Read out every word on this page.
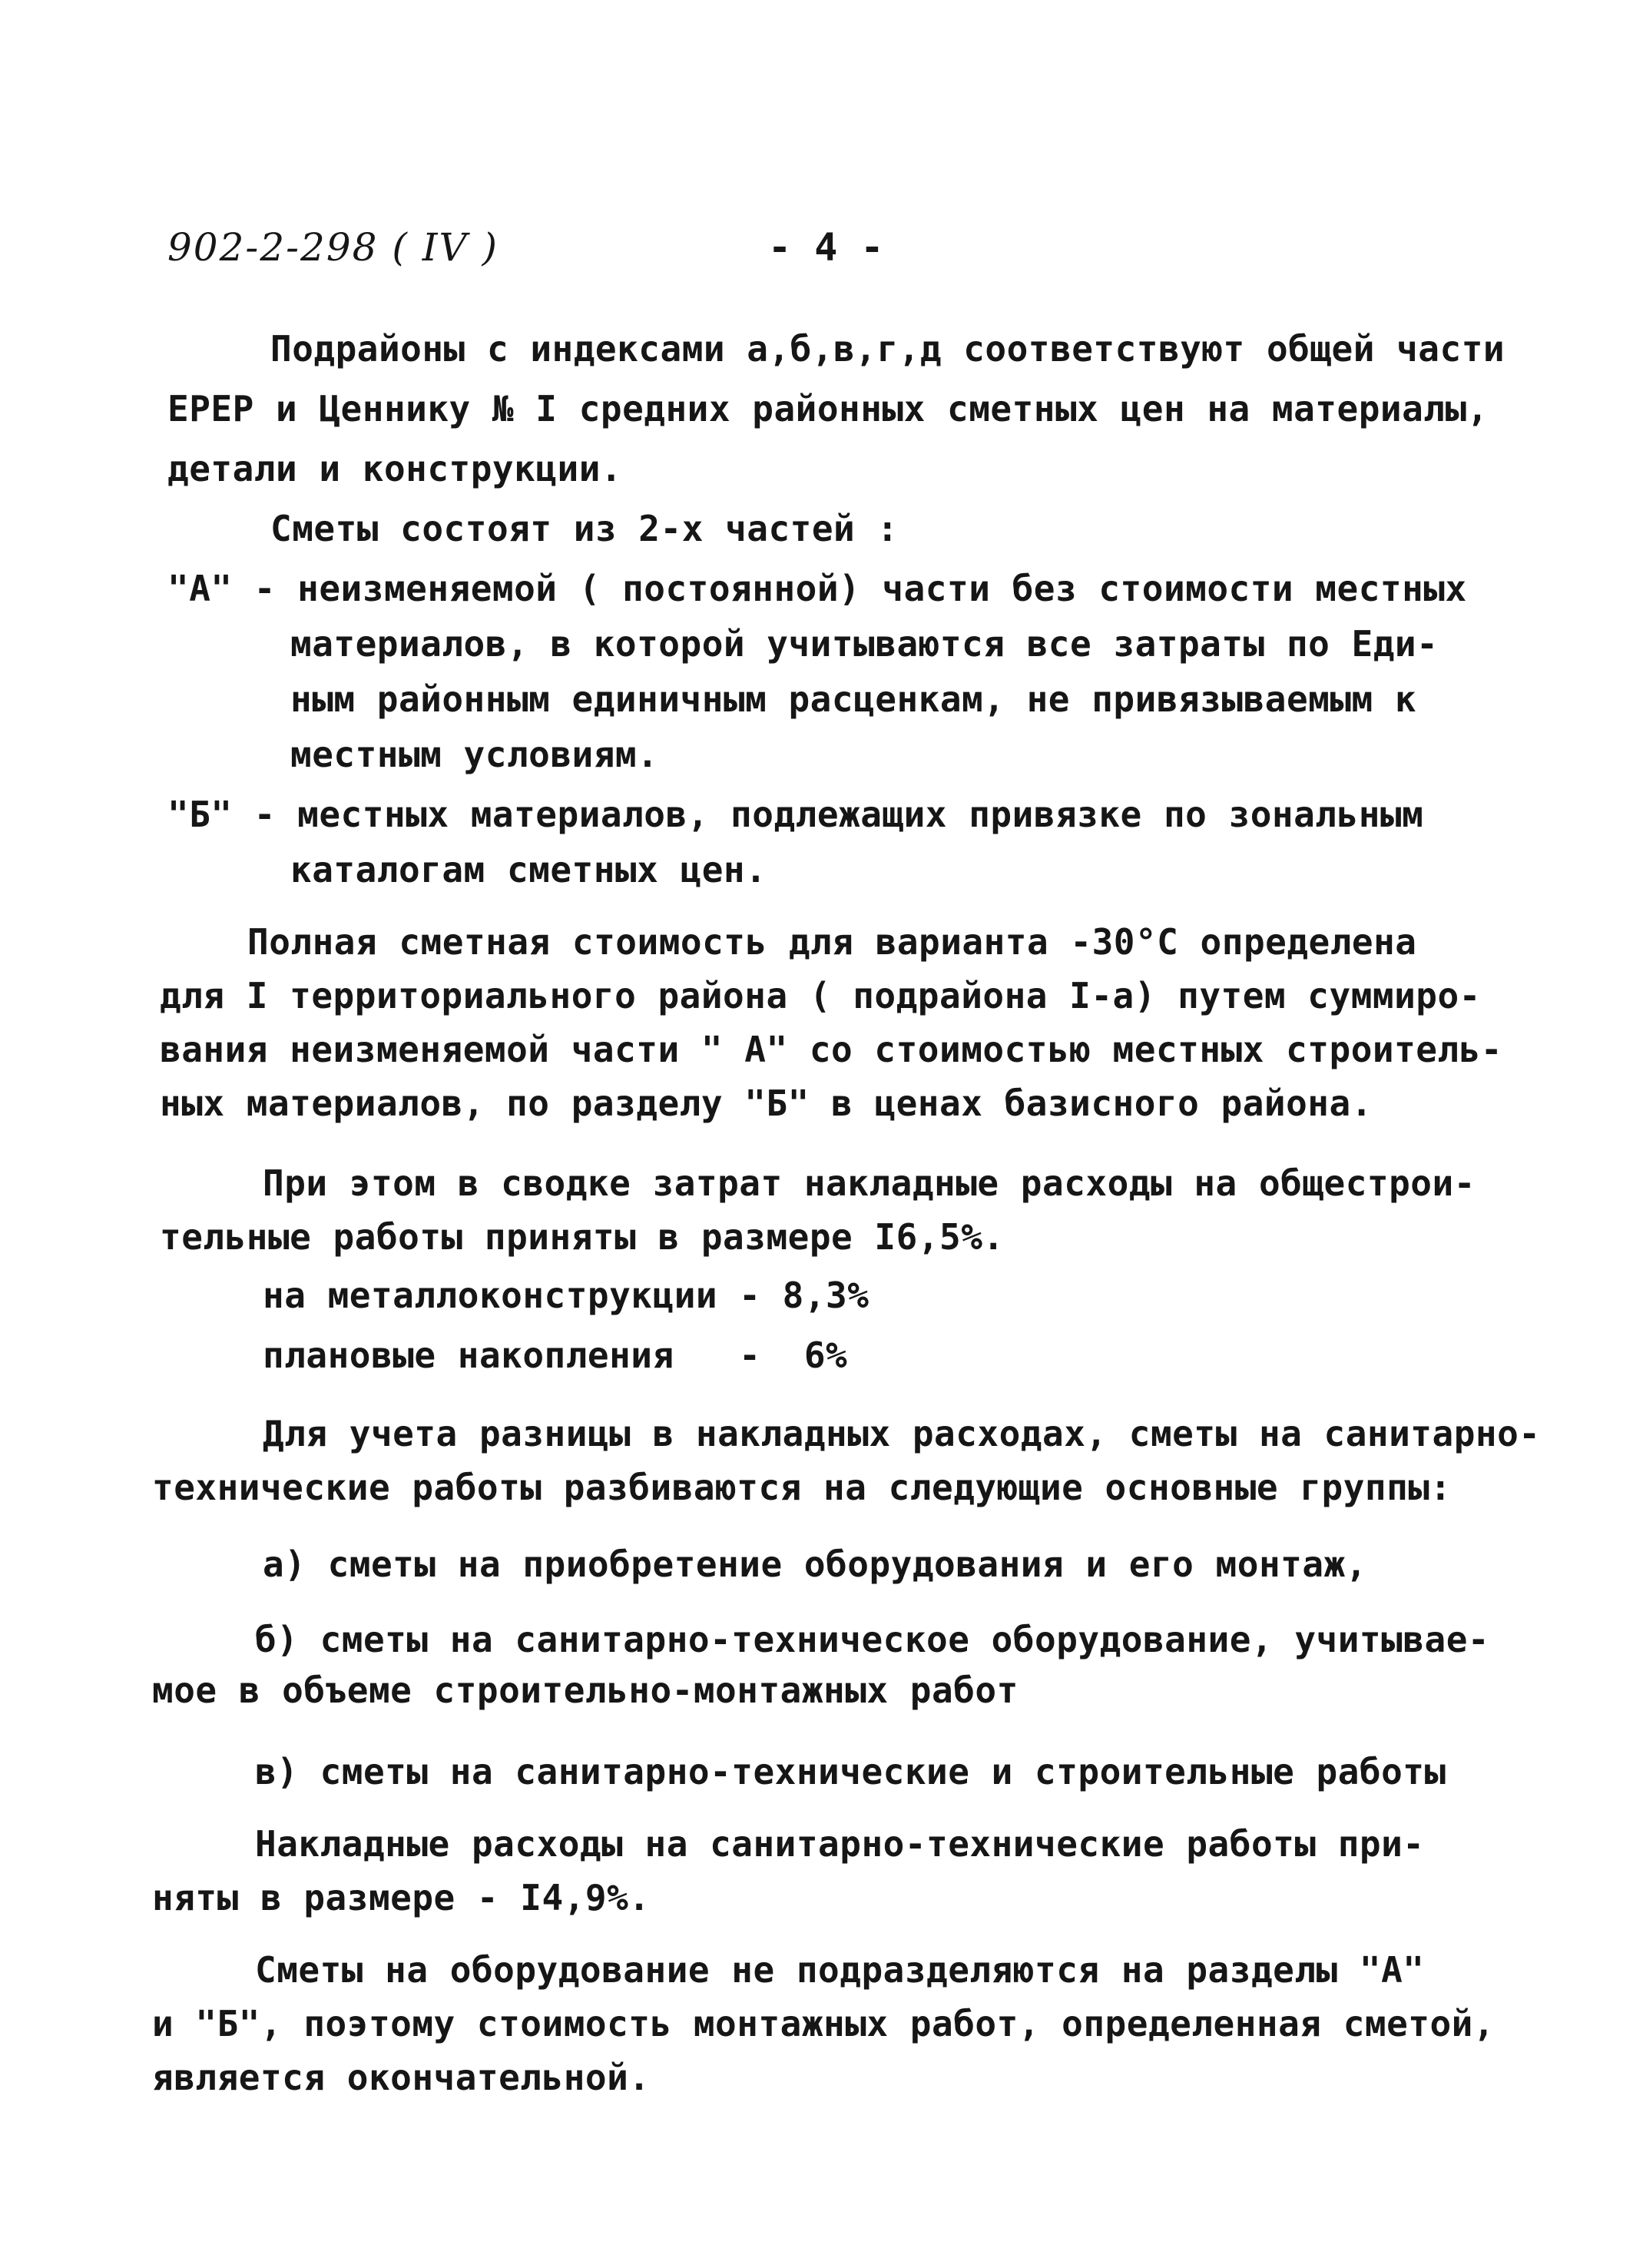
902-2-298 ( IV )	- 4 -
Подрайоны с индексами а,б,в,г,д соответствуют общей части
ЕРЕР и Ценнику № I средних районных сметных цен на материалы,
детали и конструкции.
Сметы состоят из 2-х частей :
"А" - неизменяемой ( постоянной) части без стоимости местных
материалов, в которой учитываются все затраты по Еди-
ным районным единичным расценкам, не привязываемым к
местным условиям.
"Б" - местных материалов, подлежащих привязке по зональным
каталогам сметных цен.
Полная сметная стоимость для варианта -30°С определена
для I территориального района ( подрайона I-а) путем суммиро-
вания неизменяемой части " А" со стоимостью местных строитель-
ных материалов, по разделу "Б" в ценах базисного района.
При этом в сводке затрат накладные расходы на общестрои-
тельные работы приняты в размере I6,5%.
на металлоконструкции - 8,3%
плановые накопления   -  6%
Для учета разницы в накладных расходах, сметы на санитарно-
технические работы разбиваются на следующие основные группы:
а) сметы на приобретение оборудования и его монтаж,
б) сметы на санитарно-техническое оборудование, учитывае-
мое в объеме строительно-монтажных работ
в) сметы на санитарно-технические и строительные работы
Накладные расходы на санитарно-технические работы при-
няты в размере - I4,9%.
Сметы на оборудование не подразделяются на разделы "А"
и "Б", поэтому стоимость монтажных работ, определенная сметой,
является окончательной.
